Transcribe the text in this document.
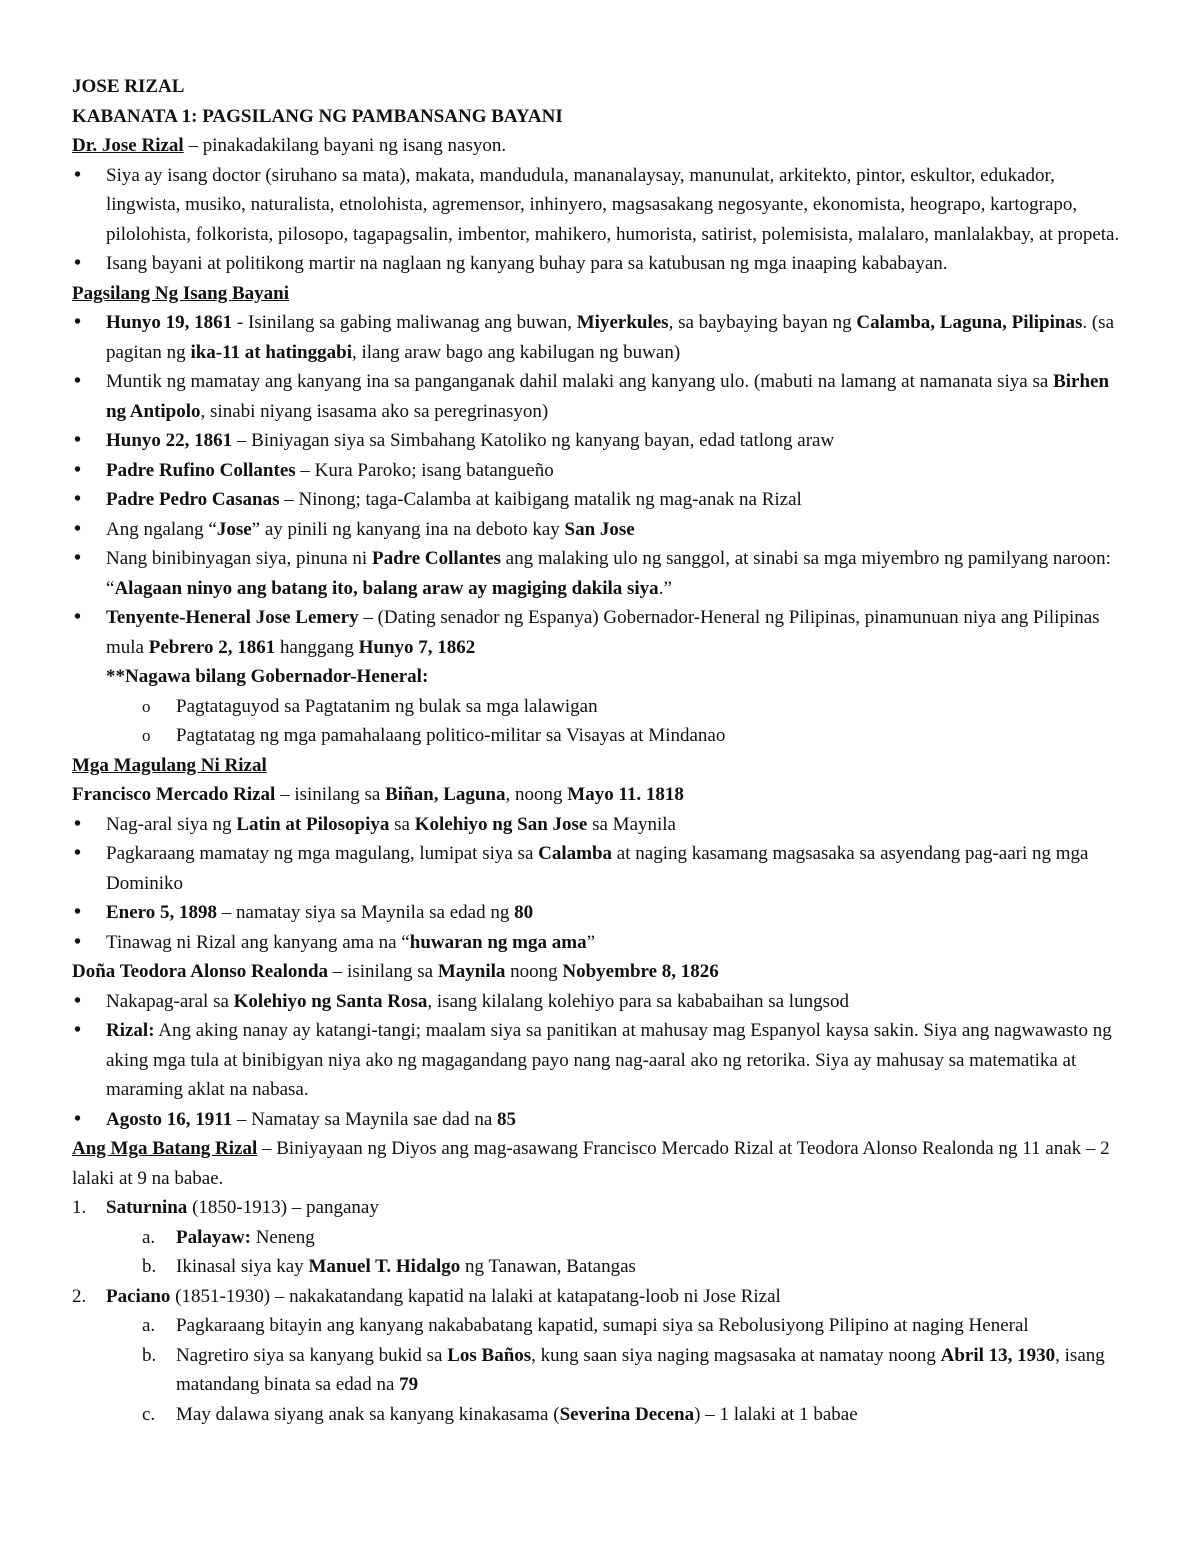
JOSE RIZAL

KABANATA 1: PAGSILANG NG PAMBANSANG BAYANI

Dr. Jose Rizal – pinakadakilang bayani ng isang nasyon.

• Siya ay isang doctor (siruhano sa mata), makata, mandudula, mananalaysay, manunulat, arkitekto, pintor, eskultor, edukador, lingwista, musiko, naturalista, etnolohista, agremensor, inhinyero, magsasakang negosyante, ekonomista, heograpo, kartograpo, pilolohista, folkorista, pilosopo, tagapagsalin, imbentor, mahikero, humorista, satirist, polemisista, malalaro, manlalakbay, at propeta.
• Isang bayani at politikong martir na naglaan ng kanyang buhay para sa katubusan ng mga inaaping kababayan.

Pagsilang Ng Isang Bayani

• Hunyo 19, 1861 - Isinilang sa gabing maliwanag ang buwan, Miyerkules, sa baybaying bayan ng Calamba, Laguna, Pilipinas. (sa pagitan ng ika-11 at hatinggabi, ilang araw bago ang kabilugan ng buwan)
• Muntik ng mamatay ang kanyang ina sa panganganak dahil malaki ang kanyang ulo. (mabuti na lamang at namanata siya sa Birhen ng Antipolo, sinabi niyang isasama ako sa peregrinasyon)
• Hunyo 22, 1861 – Biniyagan siya sa Simbahang Katoliko ng kanyang bayan, edad tatlong araw
• Padre Rufino Collantes – Kura Paroko; isang batangueño
• Padre Pedro Casanas – Ninong; taga-Calamba at kaibigang matalik ng mag-anak na Rizal
• Ang ngalang “Jose” ay pinili ng kanyang ina na deboto kay San Jose
• Nang binibinyagan siya, pinuna ni Padre Collantes ang malaking ulo ng sanggol, at sinabi sa mga miyembro ng pamilyang naroon: “Alagaan ninyo ang batang ito, balang araw ay magiging dakila siya.”
• Tenyente-Heneral Jose Lemery – (Dating senador ng Espanya) Gobernador-Heneral ng Pilipinas, pinamunuan niya ang Pilipinas mula Pebrero 2, 1861 hanggang Hunyo 7, 1862

**Nagawa bilang Gobernador-Heneral:

o Pagtataguyod sa Pagtatanim ng bulak sa mga lalawigan
o Pagtatatag ng mga pamahalaang politico-militar sa Visayas at Mindanao

Mga Magulang Ni Rizal

Francisco Mercado Rizal – isinilang sa Biñan, Laguna, noong Mayo 11. 1818

• Nag-aral siya ng Latin at Pilosopiya sa Kolehiyo ng San Jose sa Maynila
• Pagkaraang mamatay ng mga magulang, lumipat siya sa Calamba at naging kasamang magsasaka sa asyendang pag-aari ng mga Dominiko
• Enero 5, 1898 – namatay siya sa Maynila sa edad ng 80
• Tinawag ni Rizal ang kanyang ama na “huwaran ng mga ama”

Doña Teodora Alonso Realonda – isinilang sa Maynila noong Nobyembre 8, 1826

• Nakapag-aral sa Kolehiyo ng Santa Rosa, isang kilalang kolehiyo para sa kababaihan sa lungsod
• Rizal: Ang aking nanay ay katangi-tangi; maalam siya sa panitikan at mahusay mag Espanyol kaysa sakin. Siya ang nagwawasto ng aking mga tula at binibigyan niya ako ng magagandang payo nang nag-aaral ako ng retorika. Siya ay mahusay sa matematika at maraming aklat na nabasa.
• Agosto 16, 1911 – Namatay sa Maynila sae dad na 85

Ang Mga Batang Rizal – Biniyayaan ng Diyos ang mag-asawang Francisco Mercado Rizal at Teodora Alonso Realonda ng 11 anak – 2 lalaki at 9 na babae.

1. Saturnina (1850-1913) – panganay
a. Palayaw: Neneng
b. Ikinasal siya kay Manuel T. Hidalgo ng Tanawan, Batangas
2. Paciano (1851-1930) – nakakatandang kapatid na lalaki at katapatang-loob ni Jose Rizal
a. Pagkaraang bitayin ang kanyang nakababatang kapatid, sumapi siya sa Rebolusiyong Pilipino at naging Heneral
b. Nagretiro siya sa kanyang bukid sa Los Baños, kung saan siya naging magsasaka at namatay noong Abril 13, 1930, isang matandang binata sa edad na 79
c. May dalawa siyang anak sa kanyang kinakasama (Severina Decena) – 1 lalaki at 1 babae
